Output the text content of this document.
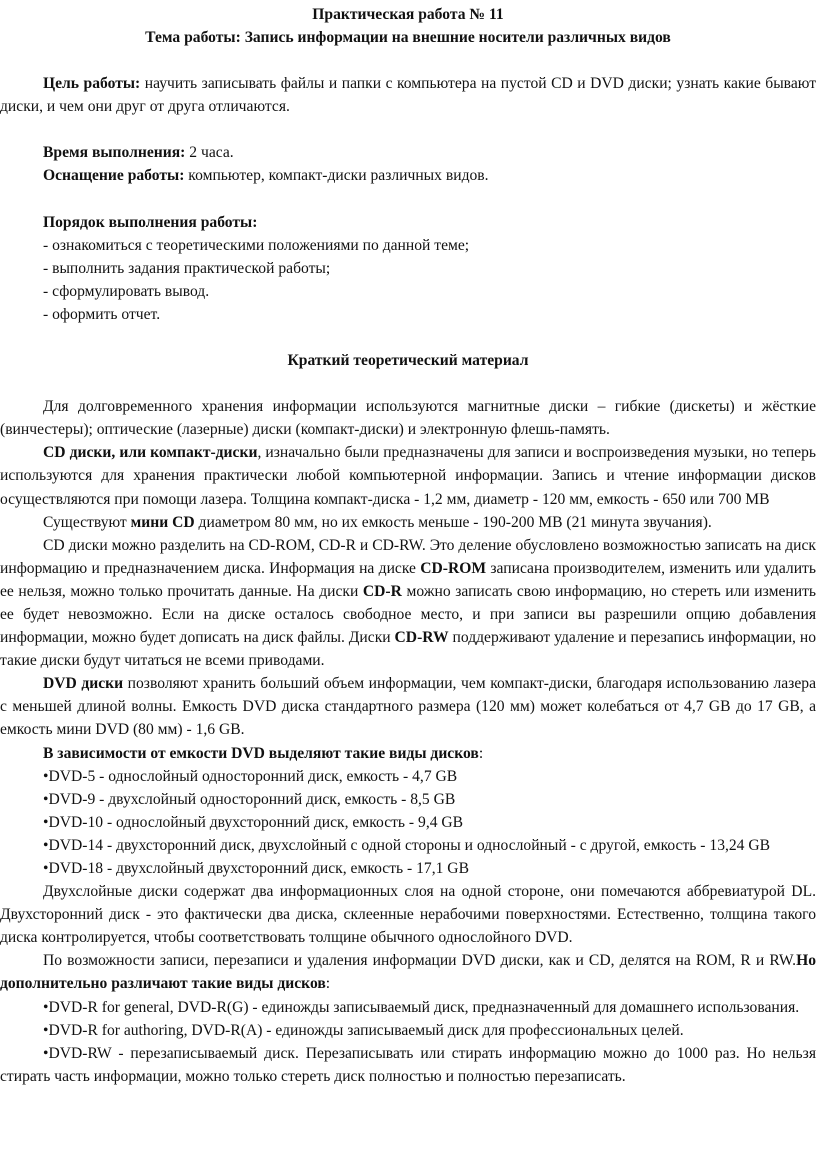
Практическая работа № 11

Тема работы: Запись информации на внешние носители различных видов

Цель работы: научить записывать файлы и папки с компьютера на пустой CD и DVD диски; узнать какие бывают диски, и чем они друг от друга отличаются.

Время выполнения: 2 часа.

Оснащение работы: компьютер, компакт-диски различных видов.

Порядок выполнения работы:

- ознакомиться с теоретическими положениями по данной теме;

- выполнить задания практической работы;

- сформулировать вывод.

- оформить отчет.

Краткий теоретический материал

Для долговременного хранения информации используются магнитные диски – гибкие (дискеты) и жёсткие (винчестеры); оптические (лазерные) диски (компакт-диски) и электронную флешь-память.

CD диски, или компакт-диски, изначально были предназначены для записи и воспроизведения музыки, но теперь используются для хранения практически любой компьютерной информации. Запись и чтение информации дисков осуществляются при помощи лазера. Толщина компакт-диска - 1,2 мм, диаметр - 120 мм, емкость - 650 или 700 MB

Существуют мини CD диаметром 80 мм, но их емкость меньше - 190-200 MB (21 минута звучания).

CD диски можно разделить на CD-ROM, CD-R и CD-RW. Это деление обусловлено возможностью записать на диск информацию и предназначением диска. Информация на диске CD-ROM записана производителем, изменить или удалить ее нельзя, можно только прочитать данные. На диски CD-R можно записать свою информацию, но стереть или изменить ее будет невозможно. Если на диске осталось свободное место, и при записи вы разрешили опцию добавления информации, можно будет дописать на диск файлы. Диски CD-RW поддерживают удаление и перезапись информации, но такие диски будут читаться не всеми приводами.

DVD диски позволяют хранить больший объем информации, чем компакт-диски, благодаря использованию лазера с меньшей длиной волны. Емкость DVD диска стандартного размера (120 мм) может колебаться от 4,7 GB до 17 GB, а емкость мини DVD (80 мм) - 1,6 GB.

В зависимости от емкости DVD выделяют такие виды дисков:

•DVD-5 - однослойный односторонний диск, емкость - 4,7 GB

•DVD-9 - двухслойный односторонний диск, емкость - 8,5 GB

•DVD-10 - однослойный двухсторонний диск, емкость - 9,4 GB

•DVD-14 - двухсторонний диск, двухслойный с одной стороны и однослойный - с другой, емкость - 13,24 GB

•DVD-18 - двухслойный двухсторонний диск, емкость - 17,1 GB

Двухслойные диски содержат два информационных слоя на одной стороне, они помечаются аббревиатурой DL. Двухсторонний диск - это фактически два диска, склеенные нерабочими поверхностями. Естественно, толщина такого диска контролируется, чтобы соответствовать толщине обычного однослойного DVD.

По возможности записи, перезаписи и удаления информации DVD диски, как и CD, делятся на ROM, R и RW.Но дополнительно различают такие виды дисков:

•DVD-R for general, DVD-R(G) - единожды записываемый диск, предназначенный для домашнего использования.

•DVD-R for authoring, DVD-R(A) - единожды записываемый диск для профессиональных целей.

•DVD-RW - перезаписываемый диск. Перезаписывать или стирать информацию можно до 1000 раз. Но нельзя стирать часть информации, можно только стереть диск полностью и полностью перезаписать.
